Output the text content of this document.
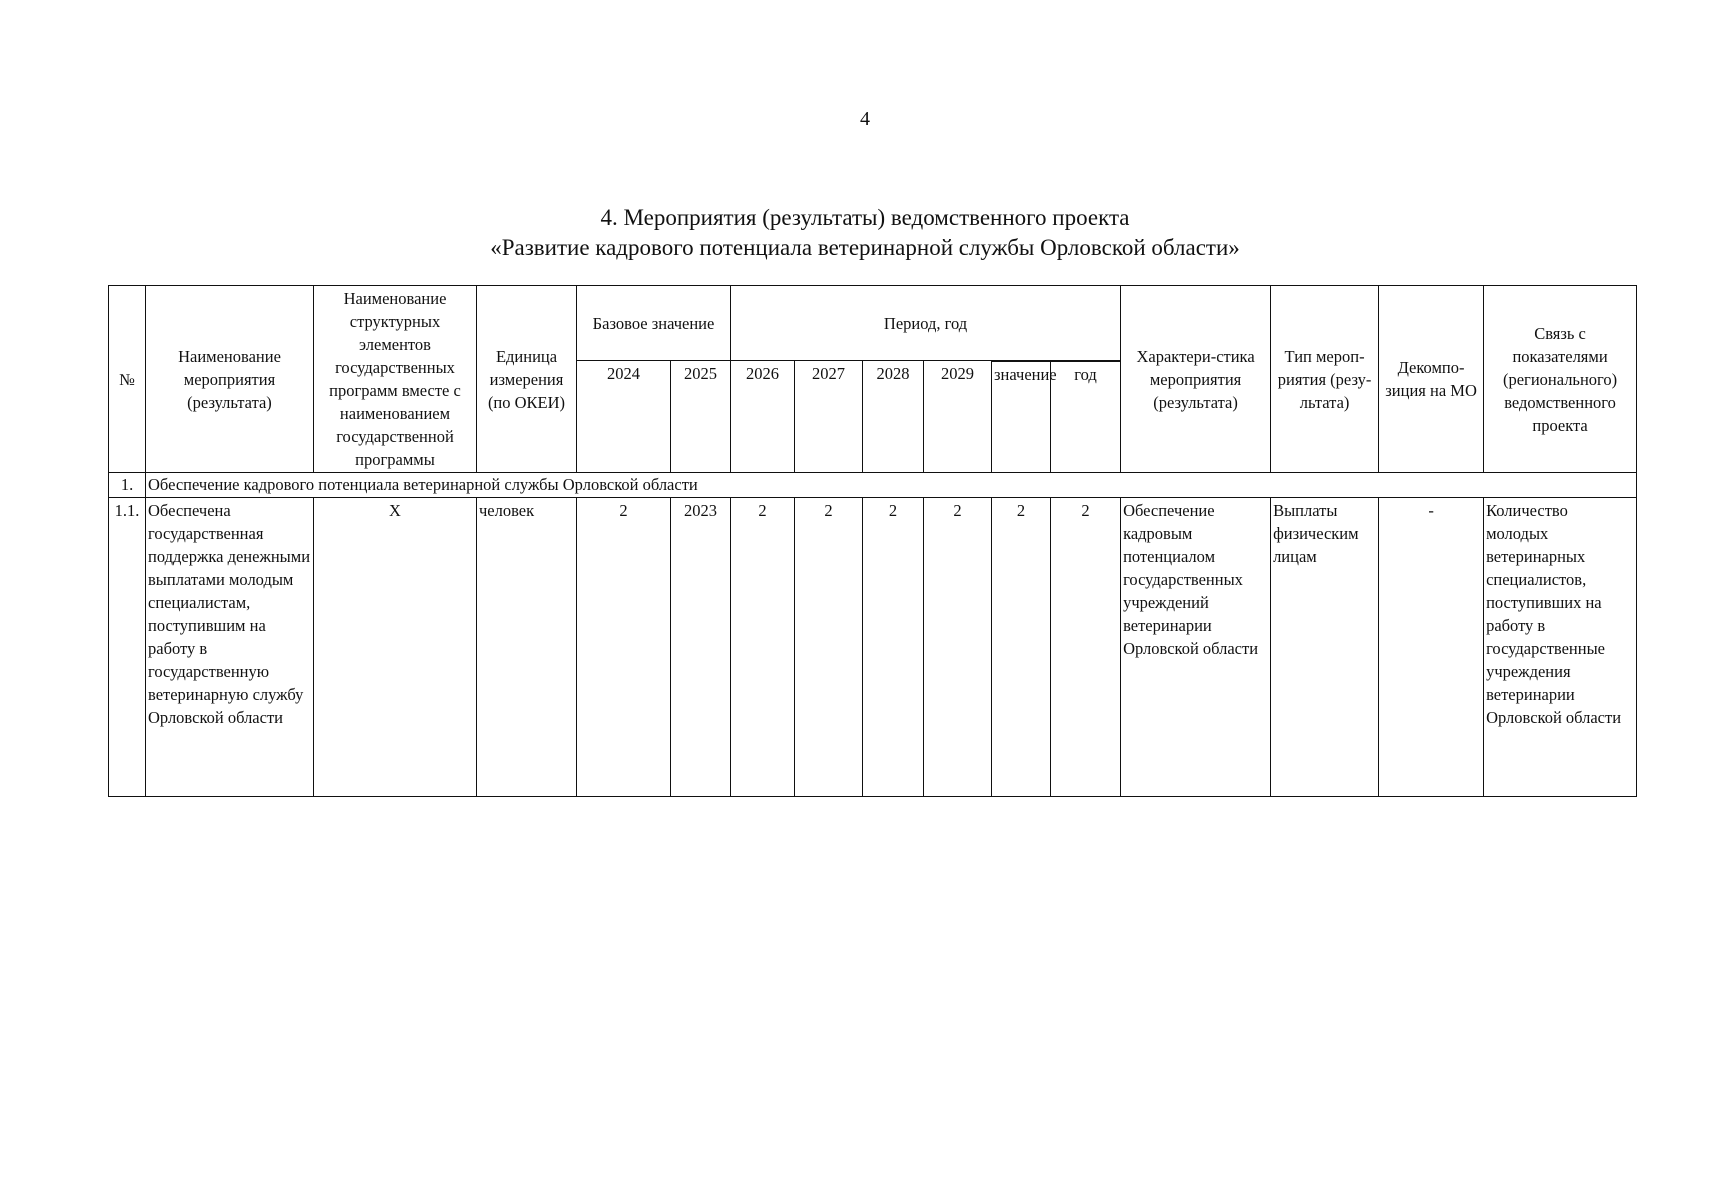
4
4. Мероприятия (результаты) ведомственного проекта
«Развитие кадрового потенциала ветеринарной службы Орловской области»
№	Наименование мероприятия (результата)	Наименование структурных элементов государственных программ вместе с наименованием государственной программы	Единица измерения (по ОКЕИ)	Базовое значение		Период, год						Характери-стика мероприятия (результата)	Тип мероп-риятия (резу-льтата)	Декомпо-зиция на МО	Связь с показателями (регионального) ведомственного проекта
				2024	2025	2026	2027	2028	2029						
										значение	год				
1.	Обеспечение кадрового потенциала ветеринарной службы Орловской области														
1.1.	Обеспечена государственная поддержка денежными выплатами молодым специалистам, поступившим на работу в государственную ветеринарную службу Орловской области	Х	человек	2	2023	2	2	2	2	2	2	Обеспечение кадровым потенциалом государственных учреждений ветеринарии Орловской области	Выплаты физическим лицам	-	Количество молодых ветеринарных специалистов, поступивших на работу в государственные учреждения ветеринарии Орловской области
